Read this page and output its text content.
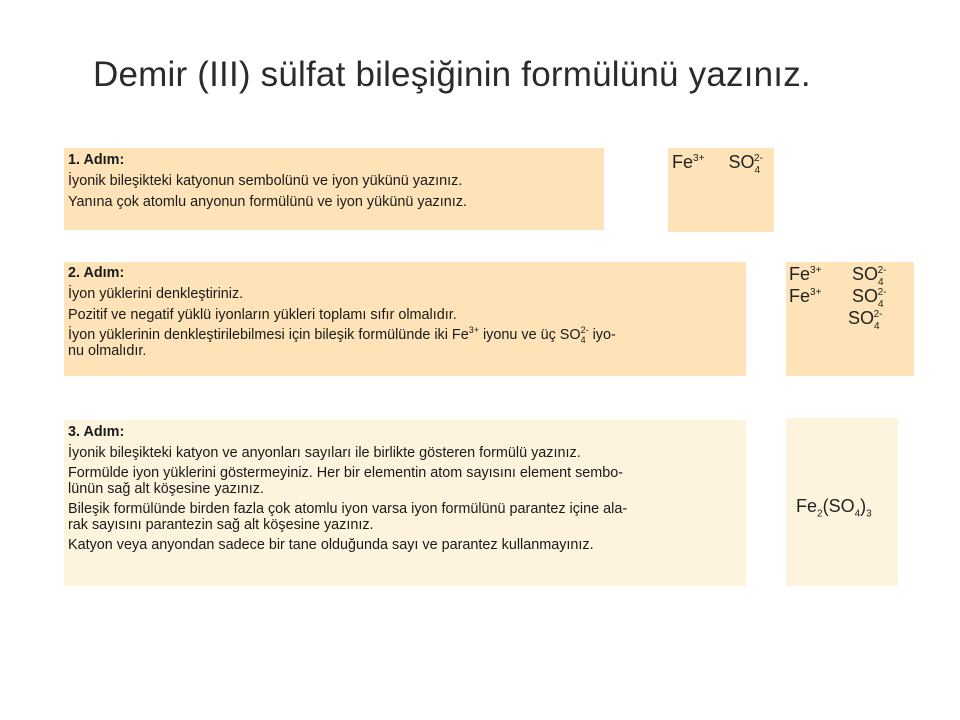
Demir (III) sülfat bileşiğinin formülünü yazınız.

1. Adım:

İyonik bileşikteki katyonun sembolünü ve iyon yükünü yazınız.

Yanına çok atomlu anyonun formülünü ve iyon yükünü yazınız.

$Fe^{3+}$ $SO_4^{2-}$

2. Adım:

İyon yüklerini denkleştiriniz.

Pozitif ve negatif yüklü iyonların yükleri toplamı sıfır olmalıdır.

İyon yüklerinin denkleştirilebilmesi için bileşik formülünde iki $Fe^{3+}$ iyonu ve üç $SO_4^{2-}$ iyo-

nu olmalıdır.

$Fe^{3+}$ $SO_4^{2-}$
$Fe^{3+}$ $SO_4^{2-}$
$SO_4^{2-}$

3. Adım:

İyonik bileşikteki katyon ve anyonları sayıları ile birlikte gösteren formülü yazınız.

Formülde iyon yüklerini göstermeyiniz. Her bir elementin atom sayısını element sembo-

lünün sağ alt köşesine yazınız.

Bileşik formülünde birden fazla çok atomlu iyon varsa iyon formülünü parantez içine ala-

rak sayısını parantezin sağ alt köşesine yazınız.

Katyon veya anyondan sadece bir tane olduğunda sayı ve parantez kullanmayınız.

$Fe_2(SO_4)_3$
